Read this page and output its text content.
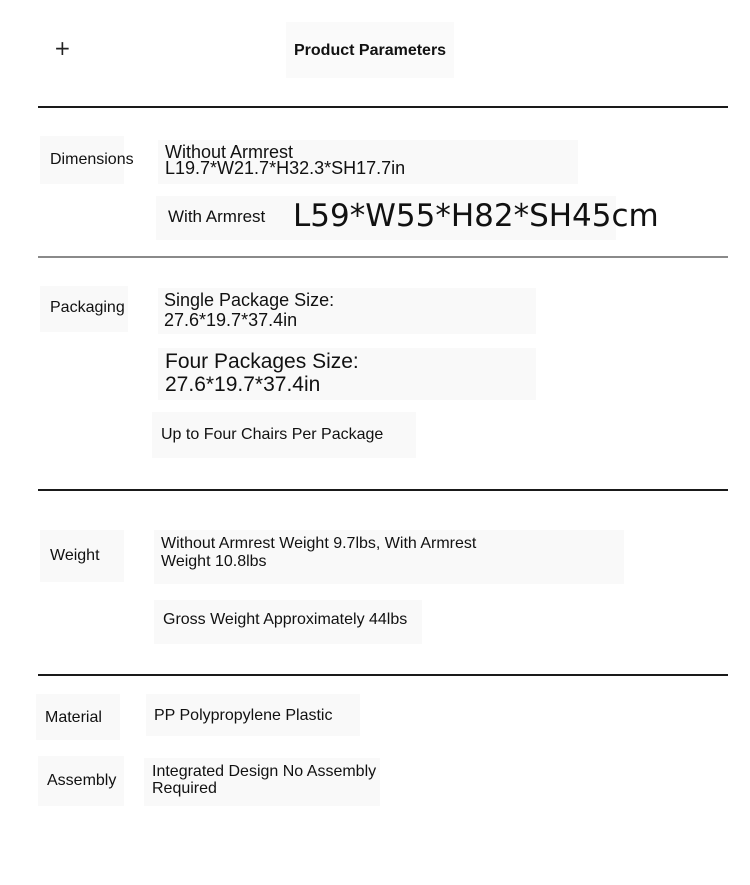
+	Product Parameters
Dimensions Without Armrest
L19.7*W21.7*H32.3*SH17.7in
With Armrest L59*W55*H82*SH45cm
Packaging Single Package Size:
27.6*19.7*37.4in
Four Packages Size:
27.6*19.7*37.4in
Up to Four Chairs Per Package
Weight
Without Armrest Weight 9.7lbs, With Armrest
Weight 10.8lbs
Gross Weight Approximately 44lbs
Material	PP Polypropylene Plastic
Assembly
Integrated Design No Assembly
Required
